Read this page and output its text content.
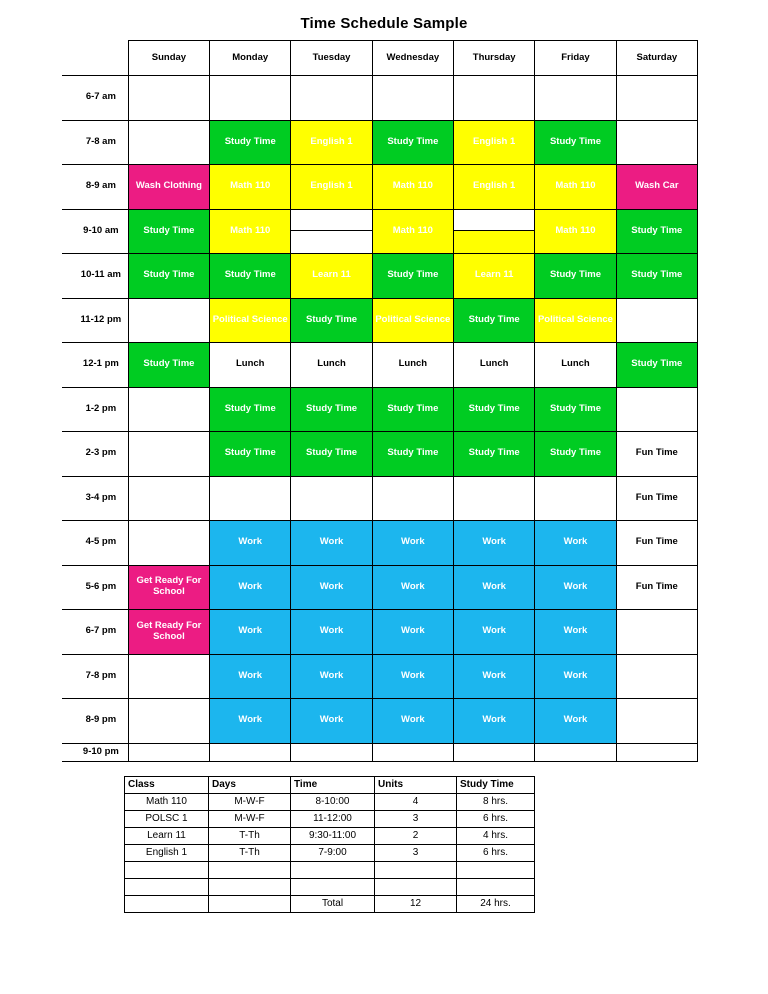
Time Schedule Sample
	Sunday	Monday	Tuesday	Wednesday	Thursday	Friday	Saturday
6-7 am							
7-8 am		Study Time	English 1	Study Time	English 1	Study Time	
8-9 am	Wash Clothing	Math 110	English 1	Math 110	English 1	Math 110	Wash Car
9-10 am	Study Time	Math 110		Math 110		Math 110	Study Time
10-11 am	Study Time	Study Time	Learn 11	Study Time	Learn 11	Study Time	Study Time
11-12 pm		Political Science	Study Time	Political Science	Study Time	Political Science	
12-1 pm	Study Time	Lunch	Lunch	Lunch	Lunch	Lunch	Study Time
1-2 pm		Study Time	Study Time	Study Time	Study Time	Study Time	
2-3 pm		Study Time	Study Time	Study Time	Study Time	Study Time	Fun Time
3-4 pm							Fun Time
4-5 pm		Work	Work	Work	Work	Work	Fun Time
5-6 pm	Get Ready For School	Work	Work	Work	Work	Work	Fun Time
6-7 pm	Get Ready For School	Work	Work	Work	Work	Work	
7-8 pm		Work	Work	Work	Work	Work	
8-9 pm		Work	Work	Work	Work	Work	
9-10 pm							
Class	Days	Time	Units	Study Time
Math 110	M-W-F	8-10:00	4	8 hrs.
POLSC 1	M-W-F	11-12:00	3	6 hrs.
Learn 11	T-Th	9:30-11:00	2	4 hrs.
English 1	T-Th	7-9:00	3	6 hrs.

		Total	12	24 hrs.
